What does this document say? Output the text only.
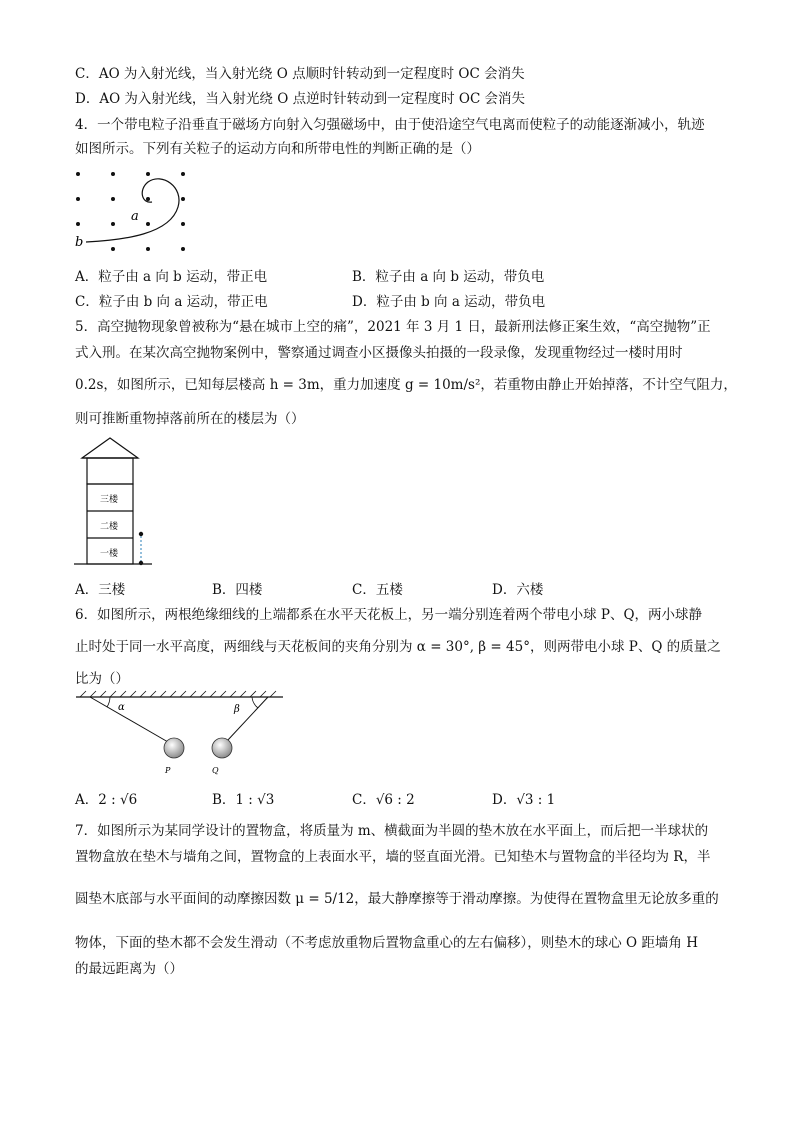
C．AO 为入射光线，当入射光绕 O 点顺时针转动到一定程度时 OC 会消失
D．AO 为入射光线，当入射光绕 O 点逆时针转动到一定程度时 OC 会消失
4．一个带电粒子沿垂直于磁场方向射入匀强磁场中，由于使沿途空气电离而使粒子的动能逐渐减小，轨迹
如图所示。下列有关粒子的运动方向和所带电性的判断正确的是（）
a
b
A．粒子由 a 向 b 运动，带正电	B．粒子由 a 向 b 运动，带负电
C．粒子由 b 向 a 运动，带正电	D．粒子由 b 向 a 运动，带负电
5．高空抛物现象曾被称为“悬在城市上空的痛”，2021 年 3 月 1 日，最新刑法修正案生效，“高空抛物”正
式入刑。在某次高空抛物案例中，警察通过调查小区摄像头拍摄的一段录像，发现重物经过一楼时用时
0.2s，如图所示，已知每层楼高 h = 3m，重力加速度 g = 10m/s²，若重物由静止开始掉落，不计空气阻力，
则可推断重物掉落前所在的楼层为（）
三楼
二楼
一楼
A．三楼	B．四楼	C．五楼	D．六楼
6．如图所示，两根绝缘细线的上端都系在水平天花板上，另一端分别连着两个带电小球 P、Q，两小球静
止时处于同一水平高度，两细线与天花板间的夹角分别为 α = 30°, β = 45°，则两带电小球 P、Q 的质量之
比为（）
α	β
P	Q
A．2 : √6	B．1 : √3	C．√6 : 2	D．√3 : 1
7．如图所示为某同学设计的置物盒，将质量为 m、横截面为半圆的垫木放在水平面上，而后把一半球状的
置物盒放在垫木与墙角之间，置物盒的上表面水平，墙的竖直面光滑。已知垫木与置物盒的半径均为 R，半
圆垫木底部与水平面间的动摩擦因数 μ = 5/12，最大静摩擦等于滑动摩擦。为使得在置物盒里无论放多重的
物体，下面的垫木都不会发生滑动（不考虑放重物后置物盒重心的左右偏移），则垫木的球心 O 距墙角 H
的最远距离为（）
